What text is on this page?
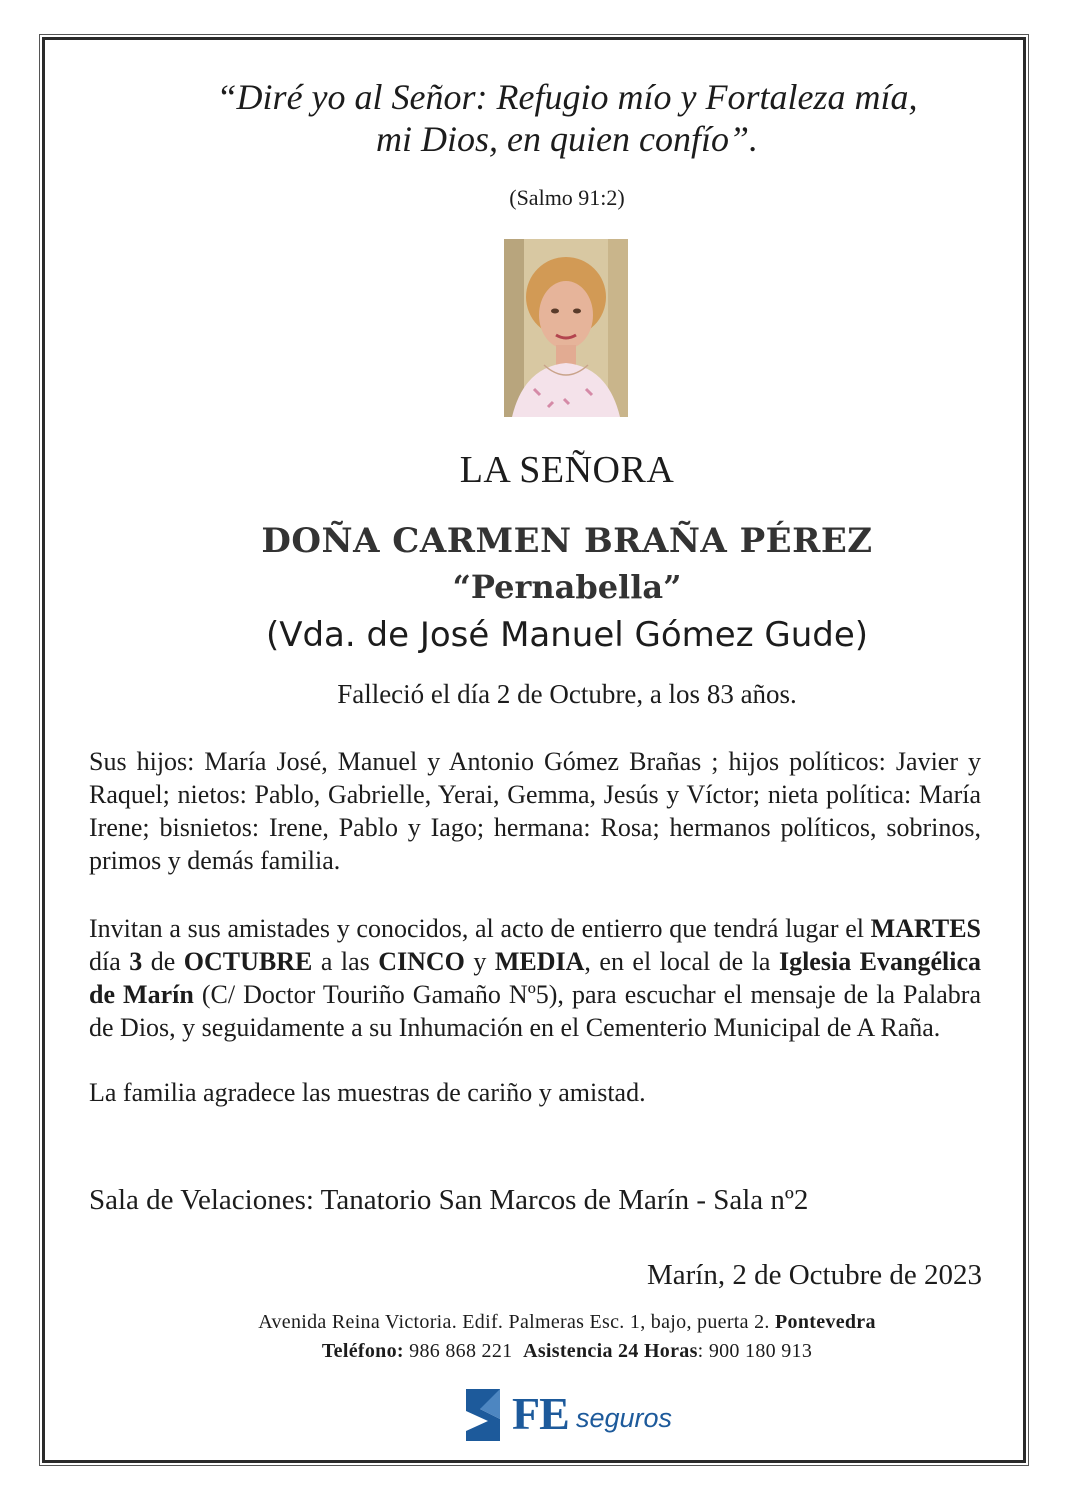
“Diré yo al Señor: Refugio mío y Fortaleza mía,
mi Dios, en quien confío”.
(Salmo 91:2)
LA SEÑORA
DOÑA CARMEN BRAÑA PÉREZ
“Pernabella”
(Vda. de José Manuel Gómez Gude)
Falleció el día 2 de Octubre, a los 83 años.
Sus hijos: María José, Manuel y Antonio Gómez Brañas ; hijos políticos: Javier y Raquel; nietos: Pablo, Gabrielle, Yerai, Gemma, Jesús y Víctor; nieta política: María Irene; bisnietos: Irene, Pablo y Iago; hermana: Rosa; hermanos políticos, sobrinos, primos y demás familia.
Invitan a sus amistades y conocidos, al acto de entierro que tendrá lugar el MARTES día 3 de OCTUBRE a las CINCO y MEDIA, en el local de la Iglesia Evangélica de Marín (C/ Doctor Touriño Gamaño Nº5), para escuchar el mensaje de la Palabra de Dios, y seguidamente a su Inhumación en el Cementerio Municipal de A Raña.
La familia agradece las muestras de cariño y amistad.
Sala de Velaciones: Tanatorio San Marcos de Marín - Sala nº2
Marín, 2 de Octubre de 2023
Avenida Reina Victoria. Edif. Palmeras Esc. 1, bajo, puerta 2. Pontevedra
Teléfono: 986 868 221 Asistencia 24 Horas: 900 180 913
FE seguros
